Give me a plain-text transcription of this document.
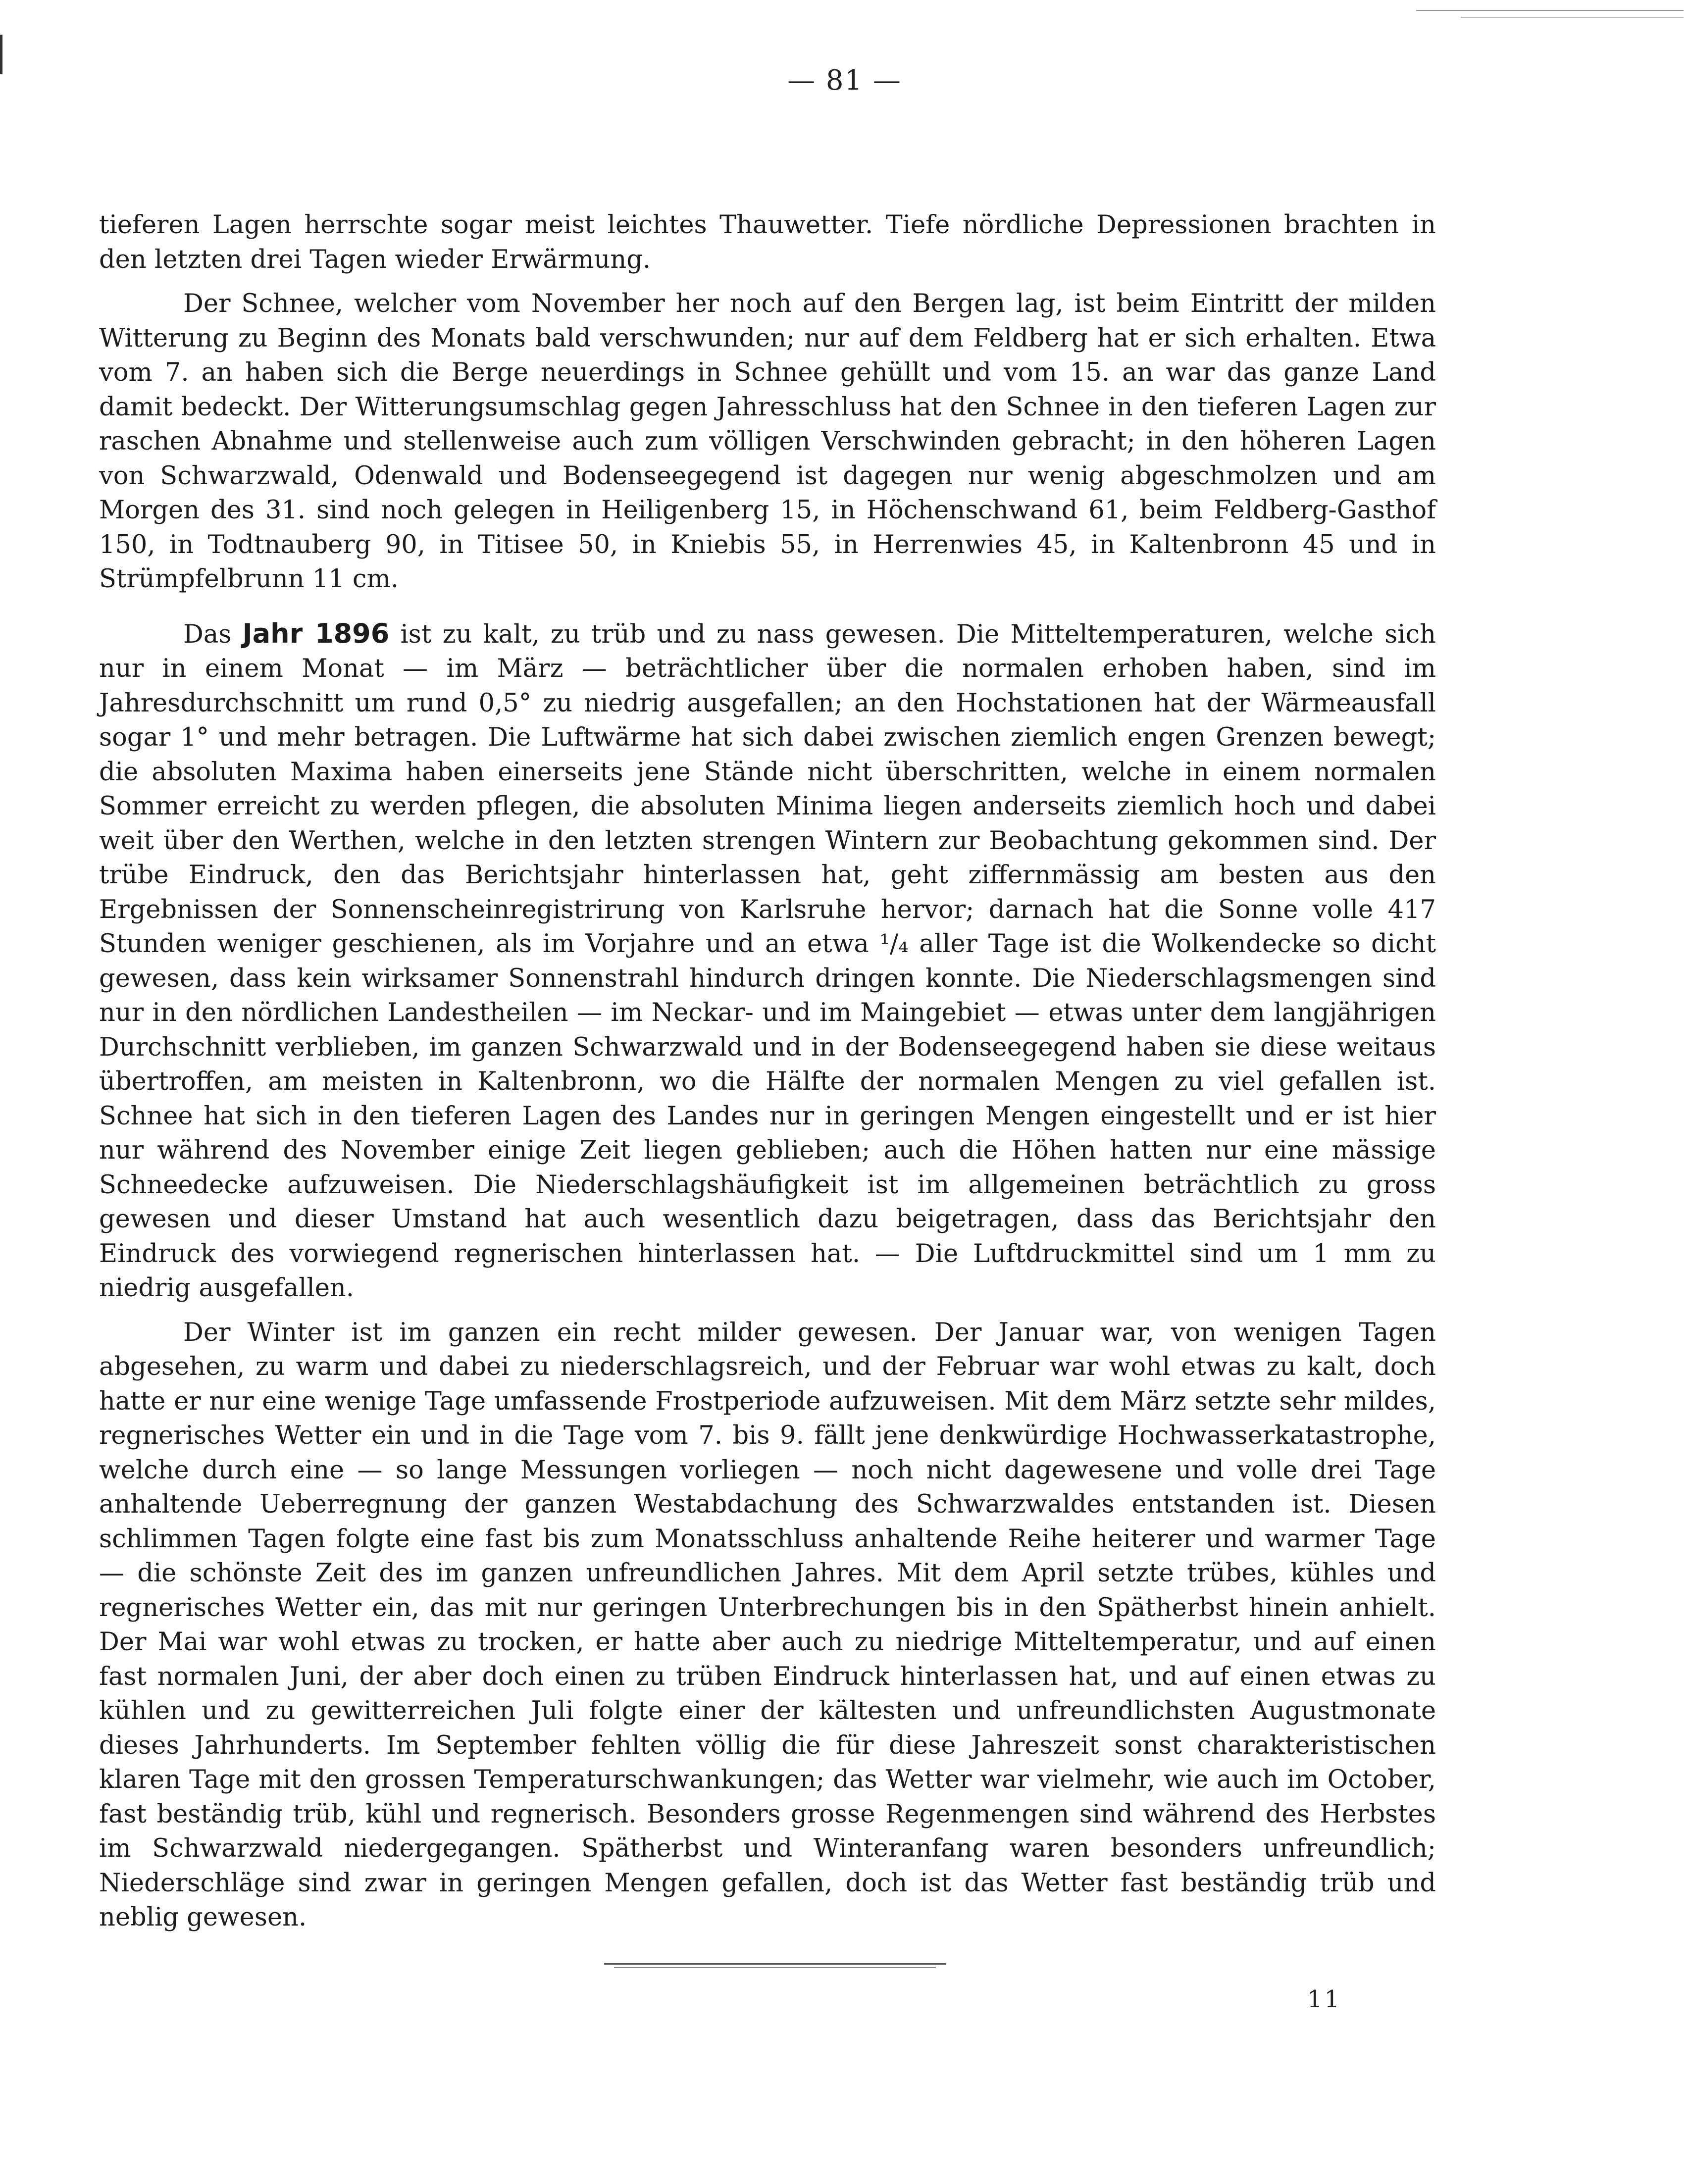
— 81 —

tieferen Lagen herrschte sogar meist leichtes Thauwetter. Tiefe nördliche Depressionen brachten in den letzten drei Tagen wieder Erwärmung.

Der Schnee, welcher vom November her noch auf den Bergen lag, ist beim Eintritt der milden Witterung zu Beginn des Monats bald verschwunden; nur auf dem Feldberg hat er sich erhalten. Etwa vom 7. an haben sich die Berge neuerdings in Schnee gehüllt und vom 15. an war das ganze Land damit bedeckt. Der Witterungsumschlag gegen Jahresschluss hat den Schnee in den tieferen Lagen zur raschen Abnahme und stellenweise auch zum völligen Verschwinden gebracht; in den höheren Lagen von Schwarzwald, Odenwald und Bodenseegegend ist dagegen nur wenig abgeschmolzen und am Morgen des 31. sind noch gelegen in Heiligenberg 15, in Höchenschwand 61, beim Feldberg-Gasthof 150, in Todtnauberg 90, in Titisee 50, in Kniebis 55, in Herrenwies 45, in Kaltenbronn 45 und in Strümpfelbrunn 11 cm.

Das Jahr 1896 ist zu kalt, zu trüb und zu nass gewesen. Die Mitteltemperaturen, welche sich nur in einem Monat — im März — beträchtlicher über die normalen erhoben haben, sind im Jahresdurchschnitt um rund 0,5° zu niedrig ausgefallen; an den Hochstationen hat der Wärmeausfall sogar 1° und mehr betragen. Die Luftwärme hat sich dabei zwischen ziemlich engen Grenzen bewegt; die absoluten Maxima haben einerseits jene Stände nicht überschritten, welche in einem normalen Sommer erreicht zu werden pflegen, die absoluten Minima liegen anderseits ziemlich hoch und dabei weit über den Werthen, welche in den letzten strengen Wintern zur Beobachtung gekommen sind. Der trübe Eindruck, den das Berichtsjahr hinterlassen hat, geht ziffernmässig am besten aus den Ergebnissen der Sonnenscheinregistrirung von Karlsruhe hervor; darnach hat die Sonne volle 417 Stunden weniger geschienen, als im Vorjahre und an etwa ¹/₄ aller Tage ist die Wolkendecke so dicht gewesen, dass kein wirksamer Sonnenstrahl hindurch dringen konnte. Die Niederschlagsmengen sind nur in den nördlichen Landestheilen — im Neckar- und im Maingebiet — etwas unter dem langjährigen Durchschnitt verblieben, im ganzen Schwarzwald und in der Bodenseegegend haben sie diese weitaus übertroffen, am meisten in Kaltenbronn, wo die Hälfte der normalen Mengen zu viel gefallen ist. Schnee hat sich in den tieferen Lagen des Landes nur in geringen Mengen eingestellt und er ist hier nur während des November einige Zeit liegen geblieben; auch die Höhen hatten nur eine mässige Schneedecke aufzuweisen. Die Niederschlagshäufigkeit ist im allgemeinen beträchtlich zu gross gewesen und dieser Umstand hat auch wesentlich dazu beigetragen, dass das Berichtsjahr den Eindruck des vorwiegend regnerischen hinterlassen hat. — Die Luftdruckmittel sind um 1 mm zu niedrig ausgefallen.

Der Winter ist im ganzen ein recht milder gewesen. Der Januar war, von wenigen Tagen abgesehen, zu warm und dabei zu niederschlagsreich, und der Februar war wohl etwas zu kalt, doch hatte er nur eine wenige Tage umfassende Frostperiode aufzuweisen. Mit dem März setzte sehr mildes, regnerisches Wetter ein und in die Tage vom 7. bis 9. fällt jene denkwürdige Hochwasserkatastrophe, welche durch eine — so lange Messungen vorliegen — noch nicht dagewesene und volle drei Tage anhaltende Ueberregnung der ganzen Westabdachung des Schwarzwaldes entstanden ist. Diesen schlimmen Tagen folgte eine fast bis zum Monatsschluss anhaltende Reihe heiterer und warmer Tage — die schönste Zeit des im ganzen unfreundlichen Jahres. Mit dem April setzte trübes, kühles und regnerisches Wetter ein, das mit nur geringen Unterbrechungen bis in den Spätherbst hinein anhielt. Der Mai war wohl etwas zu trocken, er hatte aber auch zu niedrige Mitteltemperatur, und auf einen fast normalen Juni, der aber doch einen zu trüben Eindruck hinterlassen hat, und auf einen etwas zu kühlen und zu gewitterreichen Juli folgte einer der kältesten und unfreundlichsten Augustmonate dieses Jahrhunderts. Im September fehlten völlig die für diese Jahreszeit sonst charakteristischen klaren Tage mit den grossen Temperaturschwankungen; das Wetter war vielmehr, wie auch im October, fast beständig trüb, kühl und regnerisch. Besonders grosse Regenmengen sind während des Herbstes im Schwarzwald niedergegangen. Spätherbst und Winteranfang waren besonders unfreundlich; Niederschläge sind zwar in geringen Mengen gefallen, doch ist das Wetter fast beständig trüb und neblig gewesen.

11
